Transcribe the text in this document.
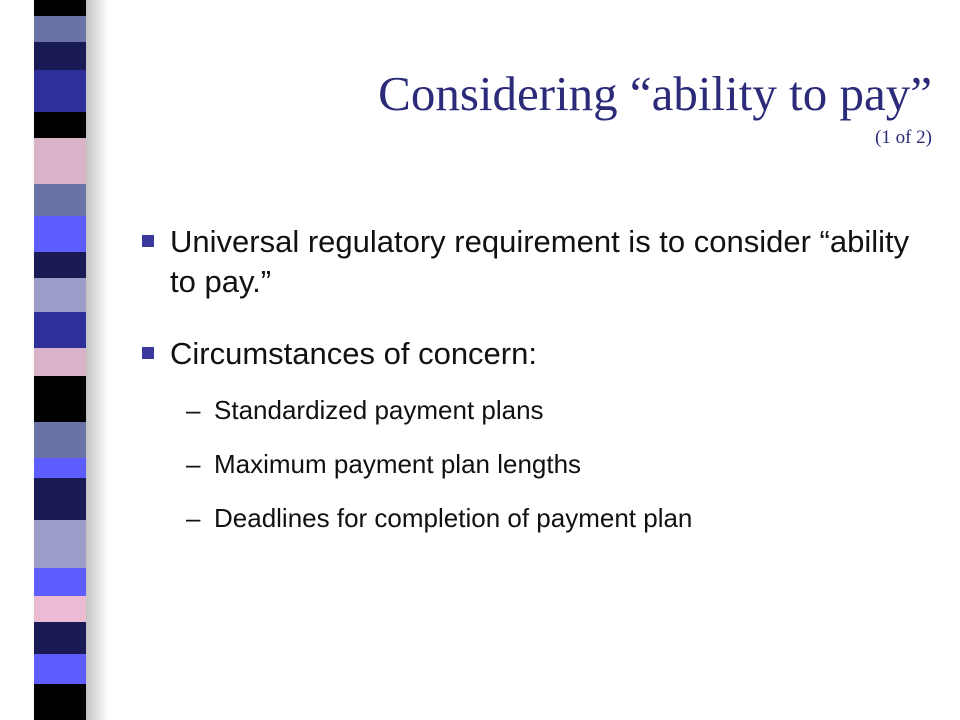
Considering “ability to pay”
(1 of 2)
Universal regulatory requirement is to consider “ability to pay.”
Circumstances of concern:
– Standardized payment plans
– Maximum payment plan lengths
– Deadlines for completion of payment plan
